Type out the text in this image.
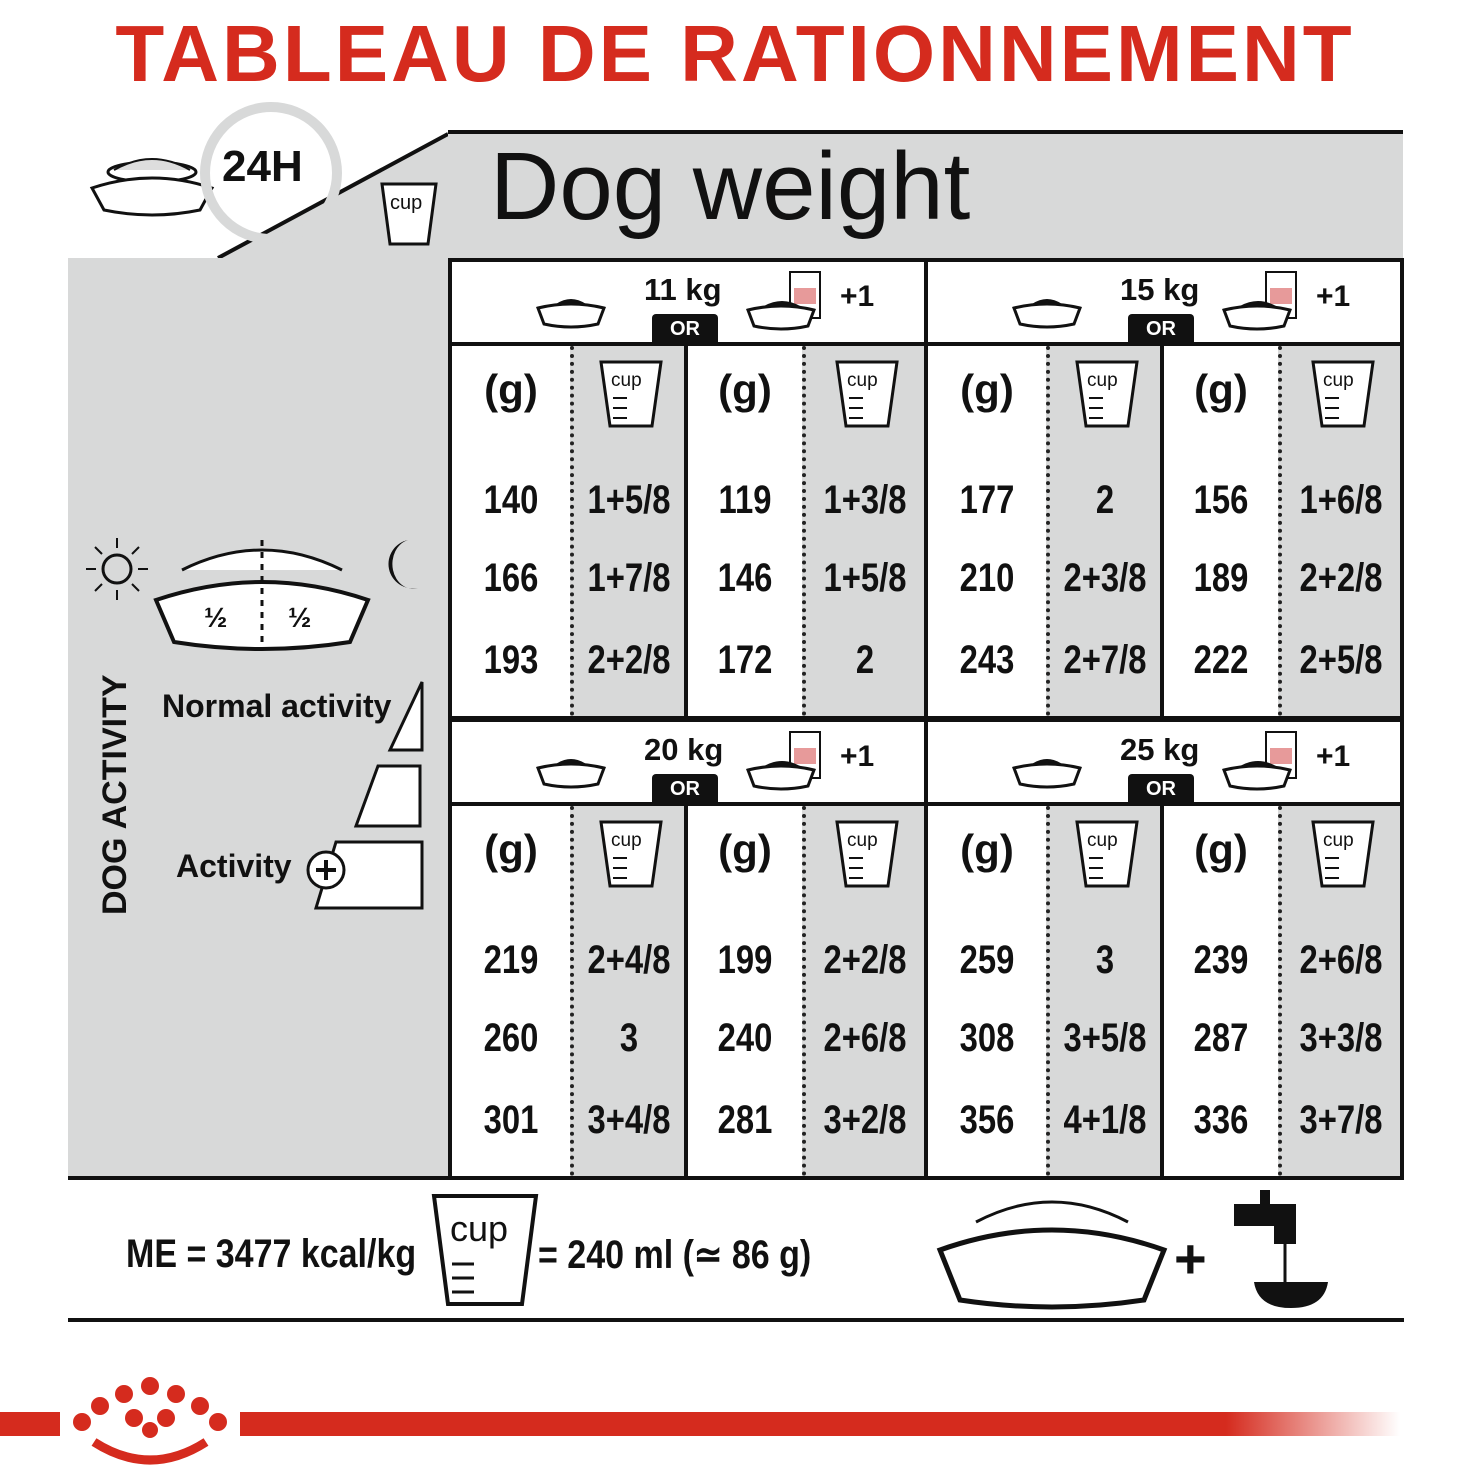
TABLEAU DE RATIONNEMENT
24H
cup Dog weight
½ ½
DOG ACTIVITY Normal activity
Activity
11 kg
OR
+1
(g)
140
166
193
cup
1+5/8
1+7/8
2+2/8
(g)
119
146
172
cup
1+3/8
1+5/8
2
15 kg
OR
+1
(g)
177
210
243
cup
2
2+3/8
2+7/8
(g)
156
189
222
cup
1+6/8
2+2/8
2+5/8
20 kg
OR
+1
(g)
219
260
301
cup
2+4/8
3
3+4/8
(g)
199
240
281
cup
2+2/8
2+6/8
3+2/8
25 kg
OR
+1
(g)
259
308
356
cup
3
3+5/8
4+1/8
(g)
239
287
336
cup
2+6/8
3+3/8
3+7/8
ME = 3477 kcal/kg
cup
= 240 ml (≃ 86 g)	+
